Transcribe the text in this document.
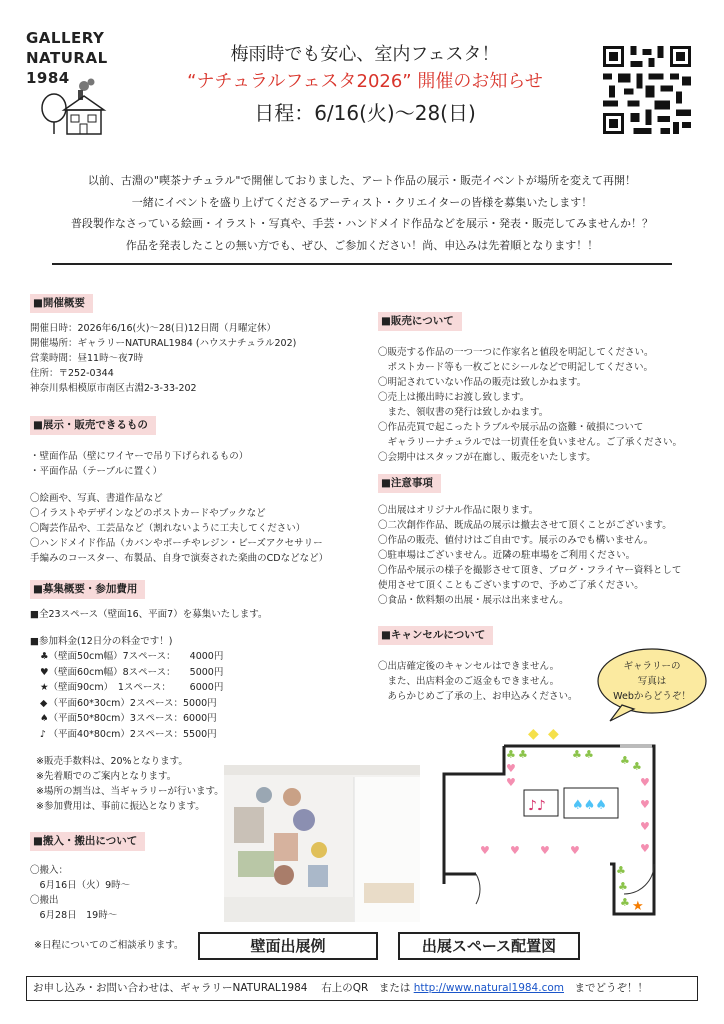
GALLERY
NATURAL
1984
梅雨時でも安心、室内フェスタ！
“ナチュラルフェスタ2026” 開催のお知らせ
日程：6/16(火)〜28(日)
以前、古淵の"喫茶ナチュラル"で開催しておりました、アート作品の展示・販売イベントが場所を変えて再開！
一緒にイベントを盛り上げてくださるアーティスト・クリエイターの皆様を募集いたします！
普段製作なさっている絵画・イラスト・写真や、手芸・ハンドメイド作品などを展示・発表・販売してみませんか！？
作品を発表したことの無い方でも、ぜひ、ご参加ください！尚、申込みは先着順となります！！
■開催概要
開催日時：2026年6/16(火)〜28(日)12日間（月曜定休）
開催場所：ギャラリーNATURAL1984 (ハウスナチュラル202)
営業時間：昼11時〜夜7時
住所：〒252-0344
神奈川県相模原市南区古淵2-3-33-202
■展示・販売できるもの
・壁面作品（壁にワイヤーで吊り下げられるもの）
・平面作品（テーブルに置く）
〇絵画や、写真、書道作品など
〇イラストやデザインなどのポストカードやブックなど
〇陶芸作品や、工芸品など（割れないように工夫してください）
〇ハンドメイド作品（カバンやポーチやレジン・ビーズアクセサリー
手編みのコースター、布製品、自身で演奏された楽曲のCDなどなど）
■募集概要・参加費用
■全23スペース（壁面16、平面7）を募集いたします。
■参加料金(12日分の料金です！)
♣	（壁面50cm幅）7スペース：	4000円
♥	（壁面60cm幅）8スペース：	5000円
★	（壁面90cm）　1スペース：	6000円
◆	（平面60*30cm）2スペース：5000円	
♠	（平面50*80cm）3スペース：6000円	
♪	（平面40*80cm）2スペース：5500円	
※販売手数料は、20%となります。
※先着順でのご案内となります。
※場所の割当は、当ギャラリーが行います。
※参加費用は、事前に振込となります。
■搬入・搬出について
〇搬入：
　6月16日（火）9時〜
〇搬出
　6月28日　19時〜
※日程についてのご相談承ります。
■販売について
〇販売する作品の一つ一つに作家名と値段を明記してください。
　ポストカード等も一枚ごとにシールなどで明記してください。
〇明記されていない作品の販売は致しかねます。
〇売上は搬出時にお渡し致します。
　また、領収書の発行は致しかねます。
〇作品売買で起こったトラブルや展示品の盗難・破損について
　ギャラリーナチュラルでは一切責任を負いません。ご了承ください。
〇会期中はスタッフが在廊し、販売をいたします。
■注意事項
〇出展はオリジナル作品に限ります。
〇二次創作作品、既成品の展示は撤去させて頂くことがございます。
〇作品の販売、値付けはご自由です。展示のみでも構いません。
〇駐車場はございません。近隣の駐車場をご利用ください。
〇作品や展示の様子を撮影させて頂き、ブログ・フライヤー資料として
使用させて頂くこともございますので、予めご了承ください。
〇食品・飲料類の出展・展示は出来ません。
■キャンセルについて
〇出店確定後のキャンセルはできません。
　また、出店料金のご返金もできません。
　あらかじめご了承の上、お申込みください。
ギャラリーの
写真は
Webからどうぞ！
♣ ♣	♣ ♣ ♣ ♣
♣
♣
♣
♥
♥
♥ ♥ ♥ ♥
♥
♥
♥
♥
◆ ◆
♪♪ ♠♠♠
★
壁面出展例	出展スペース配置図
お申し込み・お問い合わせは、ギャラリーNATURAL1984　 右上のQR　または http://www.natural1984.com　までどうぞ！！
